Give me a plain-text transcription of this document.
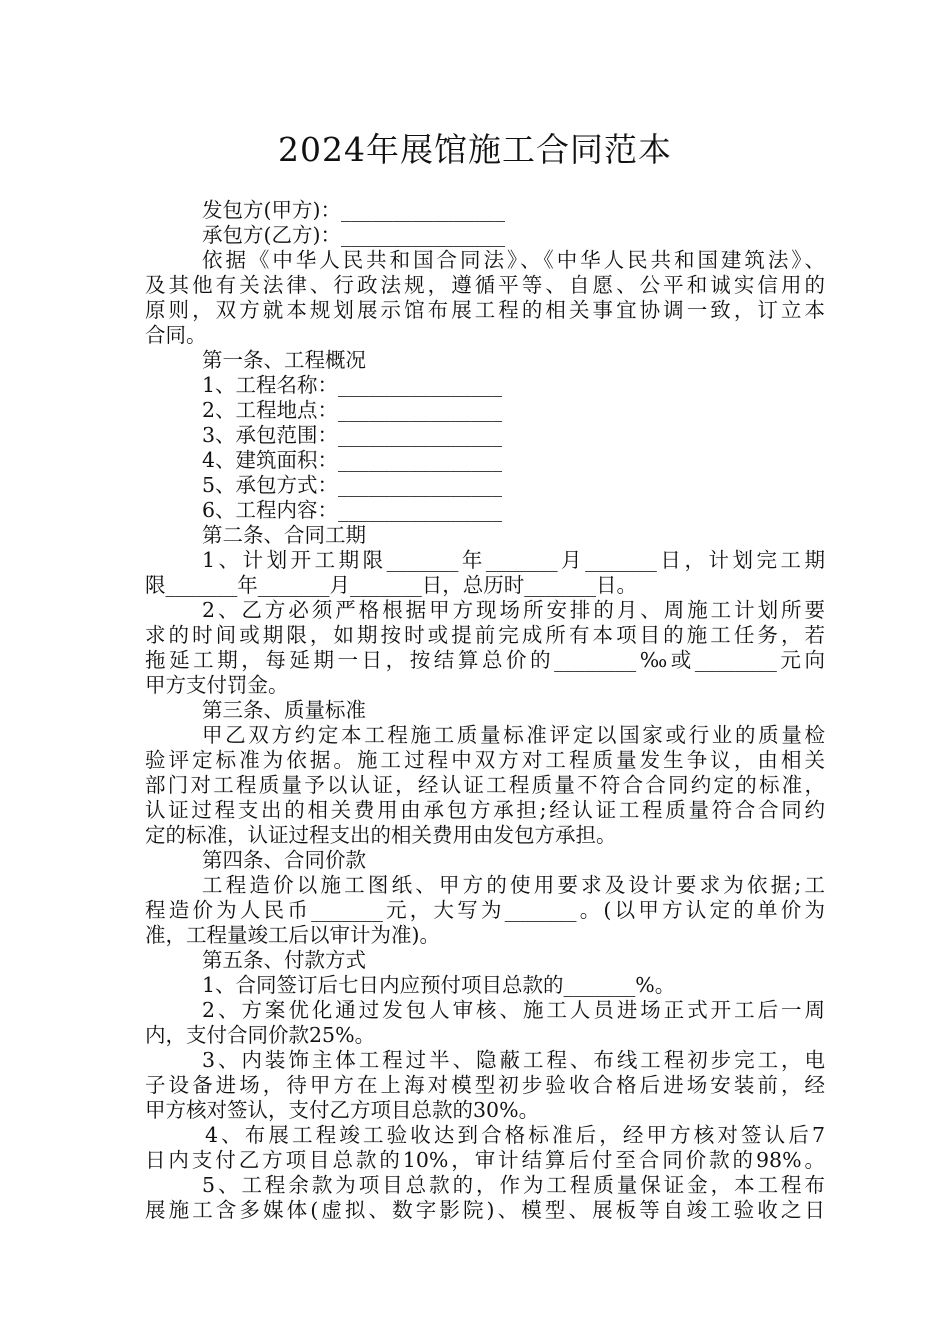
2024年展馆施工合同范本
发包方(甲方)：________________
承包方(乙方)：________________
依据《中华人民共和国合同法》、《中华人民共和国建筑法》、
及其他有关法律、行政法规，遵循平等、自愿、公平和诚实信用的
原则，双方就本规划展示馆布展工程的相关事宜协调一致，订立本
合同。
第一条、工程概况
1、工程名称：________________
2、工程地点：________________
3、承包范围：________________
4、建筑面积：________________
5、承包方式：________________
6、工程内容：________________
第二条、合同工期
1、计划开工期限_______年_______月_______日，计划完工期
限_______年_______月_______日，总历时_______日。
2、乙方必须严格根据甲方现场所安排的月、周施工计划所要
求的时间或期限，如期按时或提前完成所有本项目的施工任务，若
拖延工期，每延期一日，按结算总价的________‰或________元向
甲方支付罚金。
第三条、质量标准
甲乙双方约定本工程施工质量标准评定以国家或行业的质量检
验评定标准为依据。施工过程中双方对工程质量发生争议，由相关
部门对工程质量予以认证，经认证工程质量不符合合同约定的标准，
认证过程支出的相关费用由承包方承担;经认证工程质量符合合同约
定的标准，认证过程支出的相关费用由发包方承担。
第四条、合同价款
工程造价以施工图纸、甲方的使用要求及设计要求为依据;工
程造价为人民币_______元，大写为_______。(以甲方认定的单价为
准，工程量竣工后以审计为准)。
第五条、付款方式
1、合同签订后七日内应预付项目总款的_______%。
2、方案优化通过发包人审核、施工人员进场正式开工后一周
内，支付合同价款25%。
3、内装饰主体工程过半、隐蔽工程、布线工程初步完工，电
子设备进场，待甲方在上海对模型初步验收合格后进场安装前，经
甲方核对签认，支付乙方项目总款的30%。
4、布展工程竣工验收达到合格标准后，经甲方核对签认后7
日内支付乙方项目总款的10%，审计结算后付至合同价款的98%。
5、工程余款为项目总款的，作为工程质量保证金，本工程布
展施工含多媒体(虚拟、数字影院)、模型、展板等自竣工验收之日
